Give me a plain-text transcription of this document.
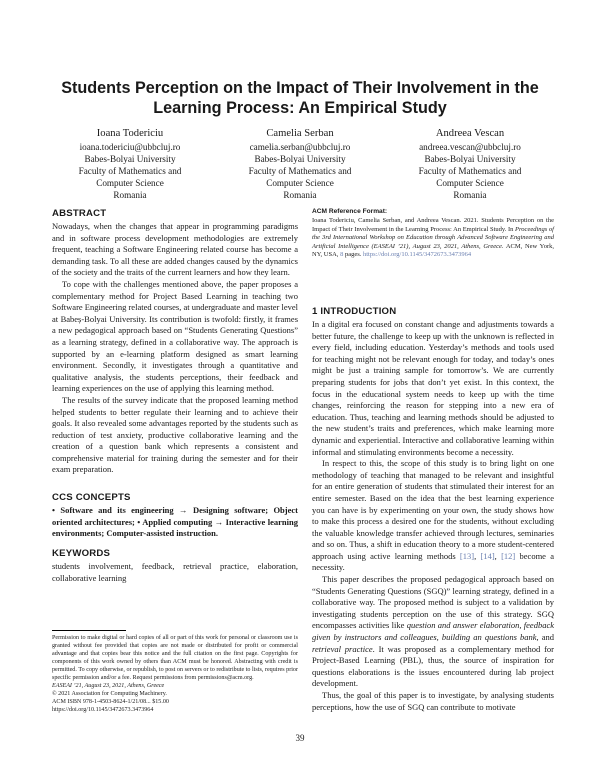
Students Perception on the Impact of Their Involvement in the Learning Process: An Empirical Study
Ioana Todericiu
ioana.todericiu@ubbcluj.ro
Babes-Bolyai University
Faculty of Mathematics and
Computer Science
Romania
Camelia Serban
camelia.serban@ubbcluj.ro
Babes-Bolyai University
Faculty of Mathematics and
Computer Science
Romania
Andreea Vescan
andreea.vescan@ubbcluj.ro
Babes-Bolyai University
Faculty of Mathematics and
Computer Science
Romania
ABSTRACT

Nowadays, when the changes that appear in programming paradigms and in software process development methodologies are extremely frequent, teaching a Software Engineering related course has become a demanding task. To all these are added changes caused by the dynamics of the society and the traits of the current learners and how they learn.

To cope with the challenges mentioned above, the paper proposes a complementary method for Project Based Learning in teaching two Software Engineering related courses, at undergraduate and master level at Babeș-Bolyai University. Its contribution is twofold: firstly, it frames a new pedagogical approach based on “Students Generating Questions” as a learning strategy, defined in a collaborative way. The approach is supported by an e-learning platform designed as smart learning environment. Secondly, it investigates through a quantitative and qualitative analysis, the students perceptions, their feedback and learning experiences on the use of applying this learning method.

The results of the survey indicate that the proposed learning method helped students to better regulate their learning and to achieve their goals. It also revealed some advantages reported by the students such as reduction of test anxiety, productive collaborative learning and the creation of a question bank which represents a consistent and comprehensive material for training during the semester and for their exam preparation.

CCS CONCEPTS
• Software and its engineering → Designing software; Object oriented architectures; • Applied computing → Interactive learning environments; Computer-assisted instruction.
KEYWORDS
students involvement, feedback, retrieval practice, elaboration, collaborative learning

Permission to make digital or hard copies of all or part of this work for personal or classroom use is granted without fee provided that copies are not made or distributed for profit or commercial advantage and that copies bear this notice and the full citation on the first page. Copyrights for components of this work owned by others than ACM must be honored. Abstracting with credit is permitted. To copy otherwise, or republish, to post on servers or to redistribute to lists, requires prior specific permission and/or a fee. Request permissions from permissions@acm.org.

EASEAI ’21, August 23, 2021, Athens, Greece

© 2021 Association for Computing Machinery.

ACM ISBN 978-1-4503-8624-1/21/08... $15.00

https://doi.org/10.1145/3472673.3473964

ACM Reference Format:
Ioana Todericiu, Camelia Serban, and Andreea Vescan. 2021. Students Perception on the Impact of Their Involvement in the Learning Process: An Empirical Study. In Proceedings of the 3rd International Workshop on Education through Advanced Software Engineering and Artificial Intelligence (EASEAI ’21), August 23, 2021, Athens, Greece. ACM, New York, NY, USA, 8 pages. https://doi.org/10.1145/3472673.3473964
1 INTRODUCTION

In a digital era focused on constant change and adjustments towards a better future, the challenge to keep up with the unknown is reflected in every field, including education. Yesterday’s methods and tools used for teaching might not be relevant enough for today, and today’s ones might be just a training sample for tomorrow’s. We are currently preparing students for jobs that don’t yet exist. In this context, the focus in the educational system needs to keep up with the time changes, reinforcing the reason for stepping into a new era of education. Thus, teaching and learning methods should be adjusted to the new student’s traits and preferences, which make learning more dynamic and experiential. Interactive and collaborative learning within informal and stimulating environments become a necessity.

In respect to this, the scope of this study is to bring light on one methodology of teaching that managed to be relevant and insightful for an entire generation of students that stimulated their interest for an entire semester. Based on the idea that the best learning experience you can have is by experimenting on your own, the study shows how to make this process a desired one for the students, without excluding the valuable knowledge transfer achieved through lectures, seminaries and so on. Thus, a shift in education theory to a more student-centered approach using active learning methods [13], [14], [12] become a necessity.

This paper describes the proposed pedagogical approach based on “Students Generating Questions (SGQ)” learning strategy, defined in a collaborative way. The proposed method is subject to a validation by investigating students perception on the use of this strategy. SGQ encompasses activities like question and answer elaboration, feedback given by instructors and colleagues, building an questions bank, and retrieval practice. It was proposed as a complementary method for Project-Based Learning (PBL), thus, the source of inspiration for questions elaborations is the issues encountered during lab project development.

Thus, the goal of this paper is to investigate, by analysing students perceptions, how the use of SGQ can contribute to motivate

39
